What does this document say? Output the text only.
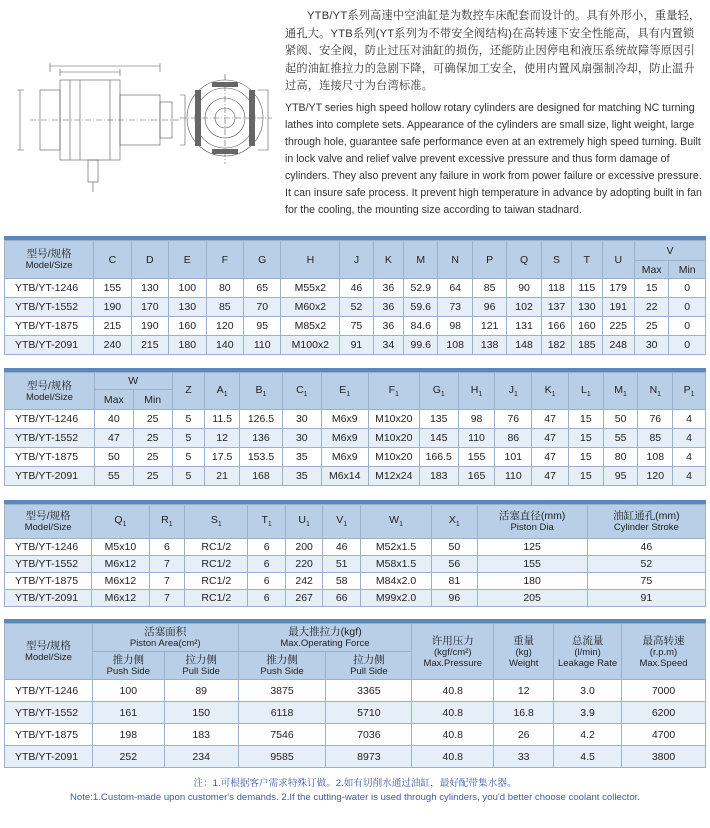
YTB/YT系列高速中空油缸是为数控车床配套而设计的。具有外形小，重量轻，通孔大。YTB系列(YT系列为不带安全阀结构)在高转速下安全性能高，具有内置锁紧阀、安全阀，防止过压对油缸的损伤，还能防止因停电和液压系统故障等原因引起的油缸推拉力的急剧下降，可确保加工安全，使用内置风扇强制冷却，防止温升过高，连接尺寸为台湾标准。

YTB/YT series high speed hollow rotary cylinders are designed for matching NC turning lathes into complete sets. Appearance of the cylinders are small size, light weight, large through hole, guarantee safe performance even at an extremely high speed turning. Built in lock valve and relief valve prevent excessive pressure and thus form damage of cylinders. They also prevent any failure in work from power failure or excessive pressure. It can insure safe process. It prevent high temperature in advance by adopting built in fan for the cooling, the mounting size according to taiwan stadnard.

型号/规格
Model/Size	C	D	E	F	G	H	J	K	M	N	P	Q	S	T	U	V	
																Max	Min
YTB/YT-1246	155	130	100	80	65	M55x2	46	36	52.9	64	85	90	118	115	179	15	0
YTB/YT-1552	190	170	130	85	70	M60x2	52	36	59.6	73	96	102	137	130	191	22	0
YTB/YT-1875	215	190	160	120	95	M85x2	75	36	84.6	98	121	131	166	160	225	25	0
YTB/YT-2091	240	215	180	140	110	M100x2	91	34	99.6	108	138	148	182	185	248	30	0
型号/规格
Model/Size	W		Z	$A_1$	$B_1$	$C_1$	$E_1$	$F_1$	$G_1$	$H_1$	$J_1$	$K_1$	$L_1$	$M_1$	$N_1$	$P_1$
	Max	Min														
YTB/YT-1246	40	25	5	11.5	126.5	30	M6x9	M10x20	135	98	76	47	15	50	76	4
YTB/YT-1552	47	25	5	12	136	30	M6x9	M10x20	145	110	86	47	15	55	85	4
YTB/YT-1875	50	25	5	17.5	153.5	35	M6x9	M10x20	166.5	155	101	47	15	80	108	4
YTB/YT-2091	55	25	5	21	168	35	M6x14	M12x24	183	165	110	47	15	95	120	4
型号/规格
Model/Size	$Q_1$	$R_1$	$S_1$	$T_1$	$U_1$	$V_1$	$W_1$	$X_1$	活塞直径(mm)
Piston Dia	油缸通孔(mm)
Cylinder Stroke

YTB/YT-1246	M5x10	6	RC1/2	6	200	46	M52x1.5	50	125	46
YTB/YT-1552	M6x12	7	RC1/2	6	220	51	M58x1.5	56	155	52
YTB/YT-1875	M6x12	7	RC1/2	6	242	58	M84x2.0	81	180	75
YTB/YT-2091	M6x12	7	RC1/2	6	267	66	M99x2.0	96	205	91
型号/规格
Model/Size	活塞面积
Piston Area(cm²)		最大推拉力(kgf)
Max.Operating Force		许用压力
(kgf/cm²)
Max.Pressure	重量
(kg)
Weight	总流量
(l/min)
Leakage Rate	最高转速
(r.p.m)
Max.Speed

	推力侧
Push Side	拉力侧
Pull Side	推力侧
Push Side	拉力侧
Pull Side				

YTB/YT-1246	100	89	3875	3365	40.8	12	3.0	7000
YTB/YT-1552	161	150	6118	5710	40.8	16.8	3.9	6200
YTB/YT-1875	198	183	7546	7036	40.8	26	4.2	4700
YTB/YT-2091	252	234	9585	8973	40.8	33	4.5	3800

注：1.可根据客户需求特殊订做。2.如有切削水通过油缸，最好配带集水器。

Note:1.Custom-made upon customer's demands. 2.If the cutting-water is used through cylinders, you'd better choose coolant collector.
